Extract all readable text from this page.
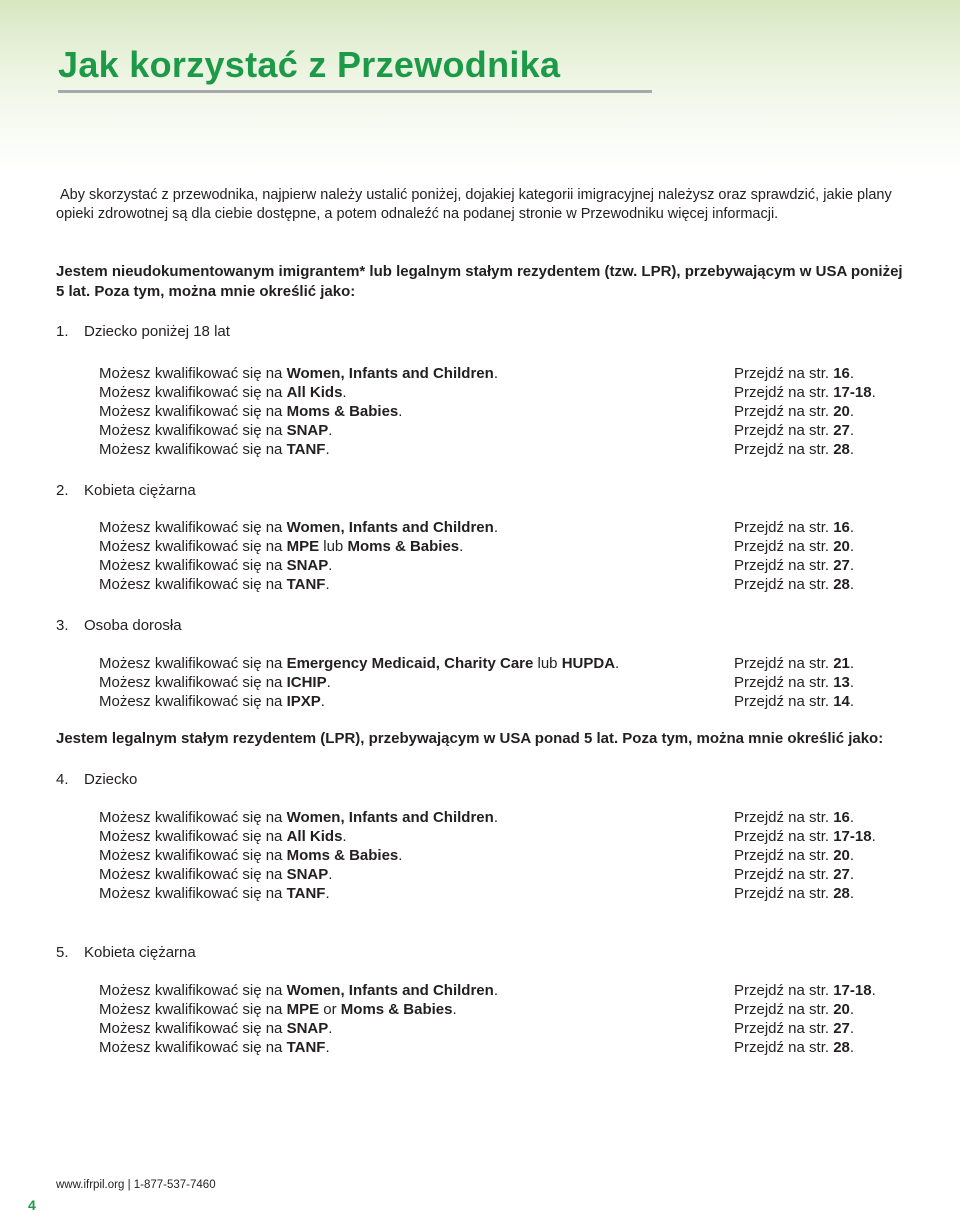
Jak korzystać z Przewodnika

Aby skorzystać z przewodnika, najpierw należy ustalić poniżej, dojakiej kategorii imigracyjnej należysz oraz sprawdzić, jakie plany opieki zdrowotnej są dla ciebie dostępne, a potem odnaleźć na podanej stronie w Przewodniku więcej informacji.

Jestem nieudokumentowanym imigrantem* lub legalnym stałym rezydentem (tzw. LPR), przebywającym w USA poniżej 5 lat. Poza tym, można mnie określić jako:

1. Dziecko poniżej 18 lat
Możesz kwalifikować się na Women, Infants and Children.	Przejdź na str. 16.
Możesz kwalifikować się na All Kids.	Przejdź na str. 17-18.
Możesz kwalifikować się na Moms & Babies.	Przejdź na str. 20.
Możesz kwalifikować się na SNAP.	Przejdź na str. 27.
Możesz kwalifikować się na TANF.	Przejdź na str. 28.
2. Kobieta ciężarna
Możesz kwalifikować się na Women, Infants and Children.	Przejdź na str. 16.
Możesz kwalifikować się na MPE lub Moms & Babies.	Przejdź na str. 20.
Możesz kwalifikować się na SNAP.	Przejdź na str. 27.
Możesz kwalifikować się na TANF.	Przejdź na str. 28.
3. Osoba dorosła
Możesz kwalifikować się na Emergency Medicaid, Charity Care lub HUPDA.	Przejdź na str. 21.
Możesz kwalifikować się na ICHIP.	Przejdź na str. 13.
Możesz kwalifikować się na IPXP.	Przejdź na str. 14.

Jestem legalnym stałym rezydentem (LPR), przebywającym w USA ponad 5 lat. Poza tym, można mnie określić jako:

4. Dziecko
Możesz kwalifikować się na Women, Infants and Children.	Przejdź na str. 16.
Możesz kwalifikować się na All Kids.	Przejdź na str. 17-18.
Możesz kwalifikować się na Moms & Babies.	Przejdź na str. 20.
Możesz kwalifikować się na SNAP.	Przejdź na str. 27.
Możesz kwalifikować się na TANF.	Przejdź na str. 28.
5. Kobieta ciężarna
Możesz kwalifikować się na Women, Infants and Children.	Przejdź na str. 17-18.
Możesz kwalifikować się na MPE or Moms & Babies.	Przejdź na str. 20.
Możesz kwalifikować się na SNAP.	Przejdź na str. 27.
Możesz kwalifikować się na TANF.	Przejdź na str. 28.
www.ifrpil.org | 1-877-537-7460
4
